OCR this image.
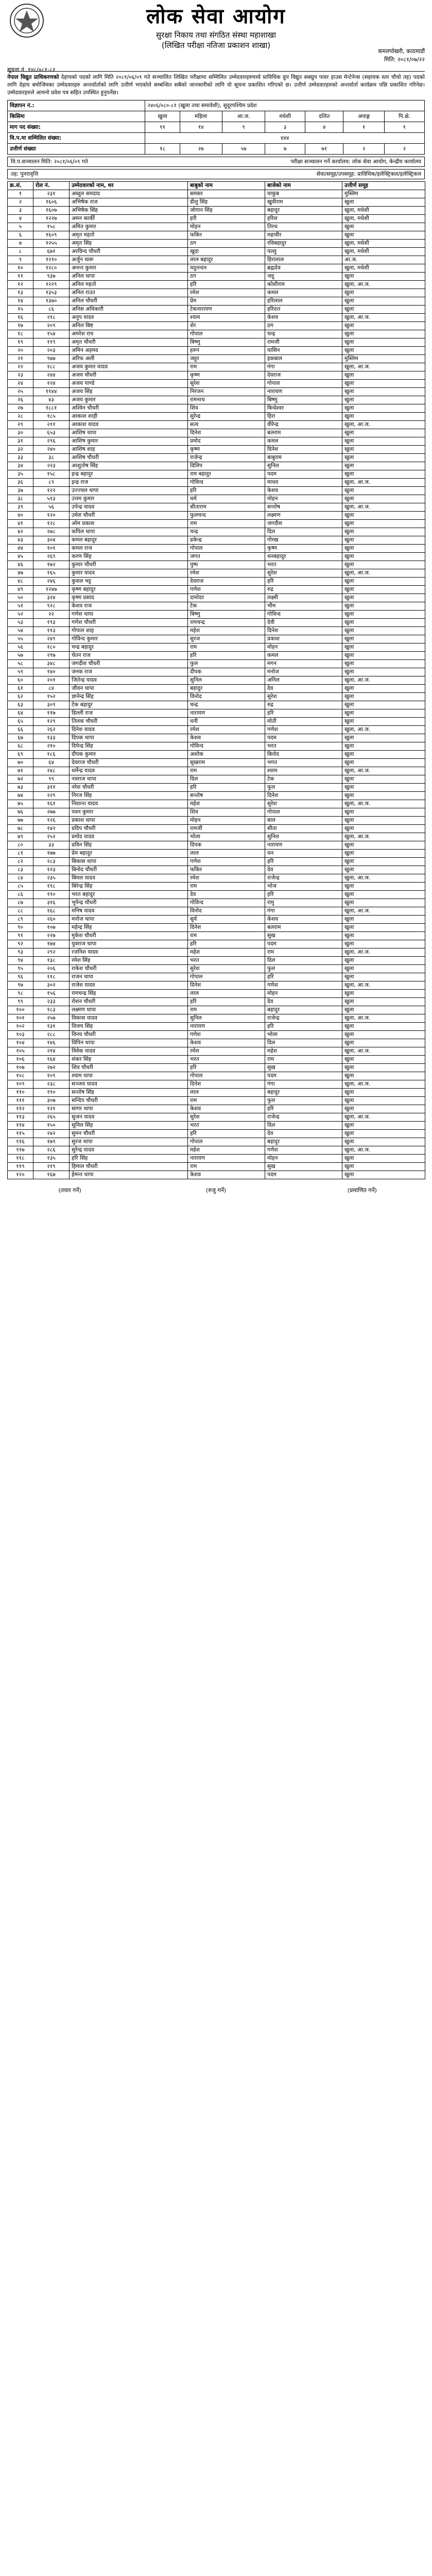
लोक सेवा आयोग
सुरक्षा निकाय तथा संगठित संस्था महाशाखा
(लिखित परीक्षा नतिजा प्रकाशन शाखा)
कमलपोखरी, काठमाडौं
मिति: २०८१/०७/२२
सूचना नं. १४८/०८१-८२
नेपाल विद्युत प्राधिकरणको देहायको पदको लागि मिति २०८१/०६/०९ गते सञ्चालित लिखित परीक्षामा सम्मिलित उम्मेदवारहरुमध्ये प्राविधिक ग्रुप विद्युत सबग्रुप पावर हाउस मेन्टेनेन्स (सहायक स्तर चौथो तह) पदको लागि देहाय बमोजिमका उम्मेदवारहरु अन्तर्वार्ताको लागि उत्तीर्ण भएकोले सम्बन्धित सबैको जानकारीको लागि यो सूचना प्रकाशित गरिएको छ। उत्तीर्ण उम्मेदवारहरुको अन्तर्वार्ता कार्यक्रम पछि प्रकाशित गरिनेछ। उम्मेदवारहरुले आफ्नो प्रवेश पत्र सहित उपस्थित हुनुपर्नेछ।
विज्ञापन नं.:	२४०६/०८०-८१ (खुला तथा समावेशी), सुदूरपश्चिम प्रदेश						
किसिमः	खुला	महिला	आ.ज.	मधेशी	दलित	अपाङ्ग	पि.क्षे.
माग पद संख्या:	११	१४	९	३	४	१	१
वि.प.मा सम्मिलित संख्या:	४४४						
उत्तीर्ण संख्याः	१८	२७	५७	७	७१	२	२
वि.प.सञ्चालन मिति: २०८१/०६/०९ गते	परीक्षा सञ्चालन गर्ने कार्यालय: लोक सेवा आयोग, केन्द्रीय कार्यालय
तह: पुनरावृत्ति	सेवा/समूह/उपसमूह: प्राविधिक/इलेक्ट्रिकल/इलेक्ट्रिकल
क्र.सं.	रोल नं.	उम्मेदवारको नाम, थर	बाबुको नाम	बाजेको नाम	उत्तीर्ण समूह
१	२३१	अब्दुल समदाद	समसर	याकुब	मुस्लिम
२	१६०६	अभिषेक राज	डीलु सिंह	खुवीराम	खुला
३	१६०७	अभिषेक सिंह	जोगान सिंह	बहादुर	खुला, मधेशी
४	१२२७	अमन कार्की	हरी	हरिश	खुला, मधेशी
५	१५८	अमित कुमार	मोहन	तिरथ	खुला
६	१६०९	अमृत महतो	फकिर	महावीर	खुला
७	१२५५	अमृत सिंह	ठग	रविबहादुर	खुला, मधेशी
८	६७१	अरविन्द चौधरी	खुदा	पल्लु	खुला, मधेशी
९	१२१०	अर्जुन थारू	लाल बहादुर	हिरालाल	आ.ज.
१०	१२८०	अनन्त कुमार	यदुनन्दन	ब्रह्मदेव	खुला, मधेशी
११	९३७	अनिल थापा	ठग	जदु	खुला
१२	१२२९	अनिल महतो	हरि	कोशीराम	खुला, आ.ज.
१३	१३५३	अनिल राउत	रमेश	कमल	खुला
१४	१३७०	अनिल चौधरी	प्रेम	हरिलाल	खुला
१५	८६	अनिस अधिकारी	टेकनारायण	हरिदत्त	खुला
१६	२१८	अनुप यादव	श्याम	केशव	खुला, आ.ज.
१७	२०९	अनिल बिष्ट	शेर	ठग	खुला
१८	१५४	अमरेश राय	गोपाल	चन्द्र	खुला
१९	११९	अमृत चौधरी	बिष्णु	रामजी	खुला
२०	२०३	अमिन अहमद	हरुन	यासिन	खुला
२१	९७७	अरिफ अली	जहुर	इकबाल	मुस्लिम
२२	१८८	अजय कुमार यादव	राम	गंगा	खुला, आ.ज.
२३	२४४	अजय चौधरी	कृष्ण	देवराज	खुला
२४	१२४	अजय पाण्डे	सुरेश	गोपाल	खुला
२५	११४४	अजय सिंह	निरंजन	नारायण	खुला
२६	४३	अजय कुमार	रामनाथ	बिष्णु	खुला
२७	१८८१	अश्विन चौधरी	शिव	बिन्देश्वर	खुला
२८	१८५	आकाश शाही	सुरेन्द्र	हिरा	खुला
२९	२११	आकाश यादव	सत्य	वीरेन्द्र	खुला, आ.ज.
३०	६५३	आशिष थापा	दिनेश	बलराम	खुला
३१	२९६	आशिष कुमार	प्रमोद	कमल	खुला
३२	२४०	आशिष शाह	कृष्ण	दिनेश	खुला
३३	३८	आशिष चौधरी	राजेन्द्र	बाबुराम	खुला
३४	२२३	आशुतोष सिंह	दिलिप	सुनिल	खुला
३५	१५८	इन्द्र बहादुर	राम बहादुर	पदम	खुला
३६	८९	इन्द्र राज	गोविन्द	माधव	खुला, आ.ज.
३७	१२२	उज्ज्वल थापा	हरि	केशव	खुला
३८	५१३	उत्तम कुमार	धर्म	मोहन	खुला
३९	५६	उपेन्द्र यादव	सीताराम	सन्तोष	खुला, आ.ज.
४०	१२०	उमेश चौधरी	फुलचन्द	लक्ष्मण	खुला
४१	१२८	ओम प्रकाश	राम	जगदीश	खुला
४२	२७८	कपिल थापा	चन्द्र	दिल	खुला
४३	३०४	कमल बहादुर	ढकेन्द्र	गोरख	खुला
४४	१०१	कमल राज	गोपाल	कृष्ण	खुला
४५	२६९	करण सिंह	जगत	धनबहादुर	खुला
४६	१७२	कुमार चौधरी	पुष्प	भरत	खुला
४७	१६५	कुमार यादव	रमेश	सुरेश	खुला, आ.ज.
४८	२४६	कुशल भट्ट	देवराज	हरि	खुला
४९	१२४७	कृष्ण बहादुर	गणेश	रुद्र	खुला
५०	३२४	कृष्ण प्रसाद	दामोदर	लक्ष्मी	खुला
५१	९२८	केशव राज	टेक	भीम	खुला
५२	२२	गणेश थापा	बिष्णु	गोविन्द	खुला
५३	१९३	गणेश चौधरी	रामचन्द्र	देवी	खुला
५४	११३	गोपाल शाह	महेश	दिनेश	खुला
५५	२४९	गोविन्द कुमार	सुरज	प्रकाश	खुला
५६	१८०	चन्द्र बहादुर	राम	मोहन	खुला
५७	२९७	चेतन राज	हरि	कमल	खुला
५८	३४८	जगदीश चौधरी	फुल	मगन	खुला
५९	१४०	जनक राज	दीपक	मनोज	खुला
६०	२०१	जितेन्द्र यादव	सुनिल	अनिल	खुला, आ.ज.
६१	८४	जीवन थापा	बहादुर	देव	खुला
६२	१५२	ज्ञानेन्द्र सिंह	विनोद	सुरेश	खुला
६३	३०९	टेक बहादुर	चन्द्र	रुद्र	खुला
६४	११७	डिल्ली राज	नारायण	हरि	खुला
६५	१२९	तिलक चौधरी	धनी	मोती	खुला
६६	२६२	दिनेश यादव	रमेश	गणेश	खुला, आ.ज.
६७	१३३	दिपक थापा	केशव	पदम	खुला
६८	२१०	दिपेन्द्र सिंह	गोविन्द	भरत	खुला
६९	१८६	दीपक कुमार	अशोक	बिनोद	खुला
७०	६४	देवराज चौधरी	सुखराम	भगत	खुला
७१	२४८	धर्मेन्द्र यादव	राम	श्याम	खुला, आ.ज.
७२	९९	नवराज थापा	दिल	टेक	खुला
७३	३११	नरेश चौधरी	हरि	फुल	खुला
७४	२२९	निरज सिंह	सन्तोष	दिनेश	खुला
७५	१६१	निशान्त यादव	महेश	सुरेश	खुला, आ.ज.
७६	२७७	पवन कुमार	शिव	गोपाल	खुला
७७	१२६	प्रकाश थापा	मोहन	बाल	खुला
७८	१४२	प्रदिप चौधरी	रामजी	सीता	खुला
७९	२५२	प्रमोद यादव	भोला	सुनिल	खुला, आ.ज.
८०	३३	प्रविन सिंह	दिपक	नारायण	खुला
८१	१७७	प्रेम बहादुर	लाल	धन	खुला
८२	२८३	बिकास थापा	गणेश	हरि	खुला
८३	१२३	बिनोद चौधरी	फकिर	देव	खुला
८४	२३५	बिमल यादव	रमेश	राजेन्द्र	खुला, आ.ज.
८५	१९८	बिरेन्द्र सिंह	राम	भोज	खुला
८६	११०	भरत बहादुर	देव	हरि	खुला
८७	३१६	भुपेन्द्र चौधरी	गोविन्द	रामु	खुला
८८	१६८	मनिष यादव	विनोद	गंगा	खुला, आ.ज.
८९	२६०	मनोज थापा	सुर्य	केशव	खुला
९०	१०७	महेन्द्र सिंह	दिनेश	बलराम	खुला
९१	२२७	मुकेश चौधरी	राम	सुख	खुला
९२	१७४	युवराज थापा	हरि	पदम	खुला
९३	२९२	रजनिश यादव	महेश	राम	खुला, आ.ज.
९४	१३८	रमेश सिंह	भरत	दिल	खुला
९५	२०६	राकेश चौधरी	सुरेश	फुल	खुला
९६	११८	राजन थापा	गोपाल	हरि	खुला
९७	३०२	राजेश यादव	दिनेश	गणेश	खुला, आ.ज.
९८	१५६	रामचन्द्र सिंह	लाल	मोहन	खुला
९९	२३३	रोशन चौधरी	हरि	देव	खुला
१००	१८३	लक्ष्मण थापा	राम	बहादुर	खुला
१०१	२५७	विकास यादव	सुनिल	राजेन्द्र	खुला, आ.ज.
१०२	१३१	विजय सिंह	नारायण	हरि	खुला
१०३	२८८	विनय चौधरी	गणेश	भोला	खुला
१०४	१४६	विपिन थापा	केशव	दिल	खुला
१०५	२१४	विवेक यादव	रमेश	महेश	खुला, आ.ज.
१०६	१६४	शंकर सिंह	भरत	राम	खुला
१०७	२७२	शिव चौधरी	हरि	सुख	खुला
१०८	१०९	श्याम थापा	गोपाल	पदम	खुला
१०९	२३८	सञ्जय यादव	दिनेश	गंगा	खुला, आ.ज.
११०	१९०	सन्तोष सिंह	लाल	बहादुर	खुला
१११	३०७	सन्दिप चौधरी	राम	फुल	खुला
११२	१२१	सागर थापा	केशव	हरि	खुला
११३	२६५	सुजन यादव	सुरेश	राजेन्द्र	खुला, आ.ज.
११४	१५०	सुनिल सिंह	भरत	दिल	खुला
११५	२४२	सुमन चौधरी	हरि	देव	खुला
११६	१७९	सुरज थापा	गोपाल	बहादुर	खुला
११७	२८६	सुरेन्द्र यादव	महेश	गणेश	खुला, आ.ज.
११८	१३५	हरि सिंह	नारायण	मोहन	खुला
११९	२१९	हिमाल चौधरी	राम	सुख	खुला
१२०	१६७	हेमन्त थापा	केशव	पदम	खुला
(तयार गर्ने)	(रुजु गर्ने)	(प्रमाणित गर्ने)
